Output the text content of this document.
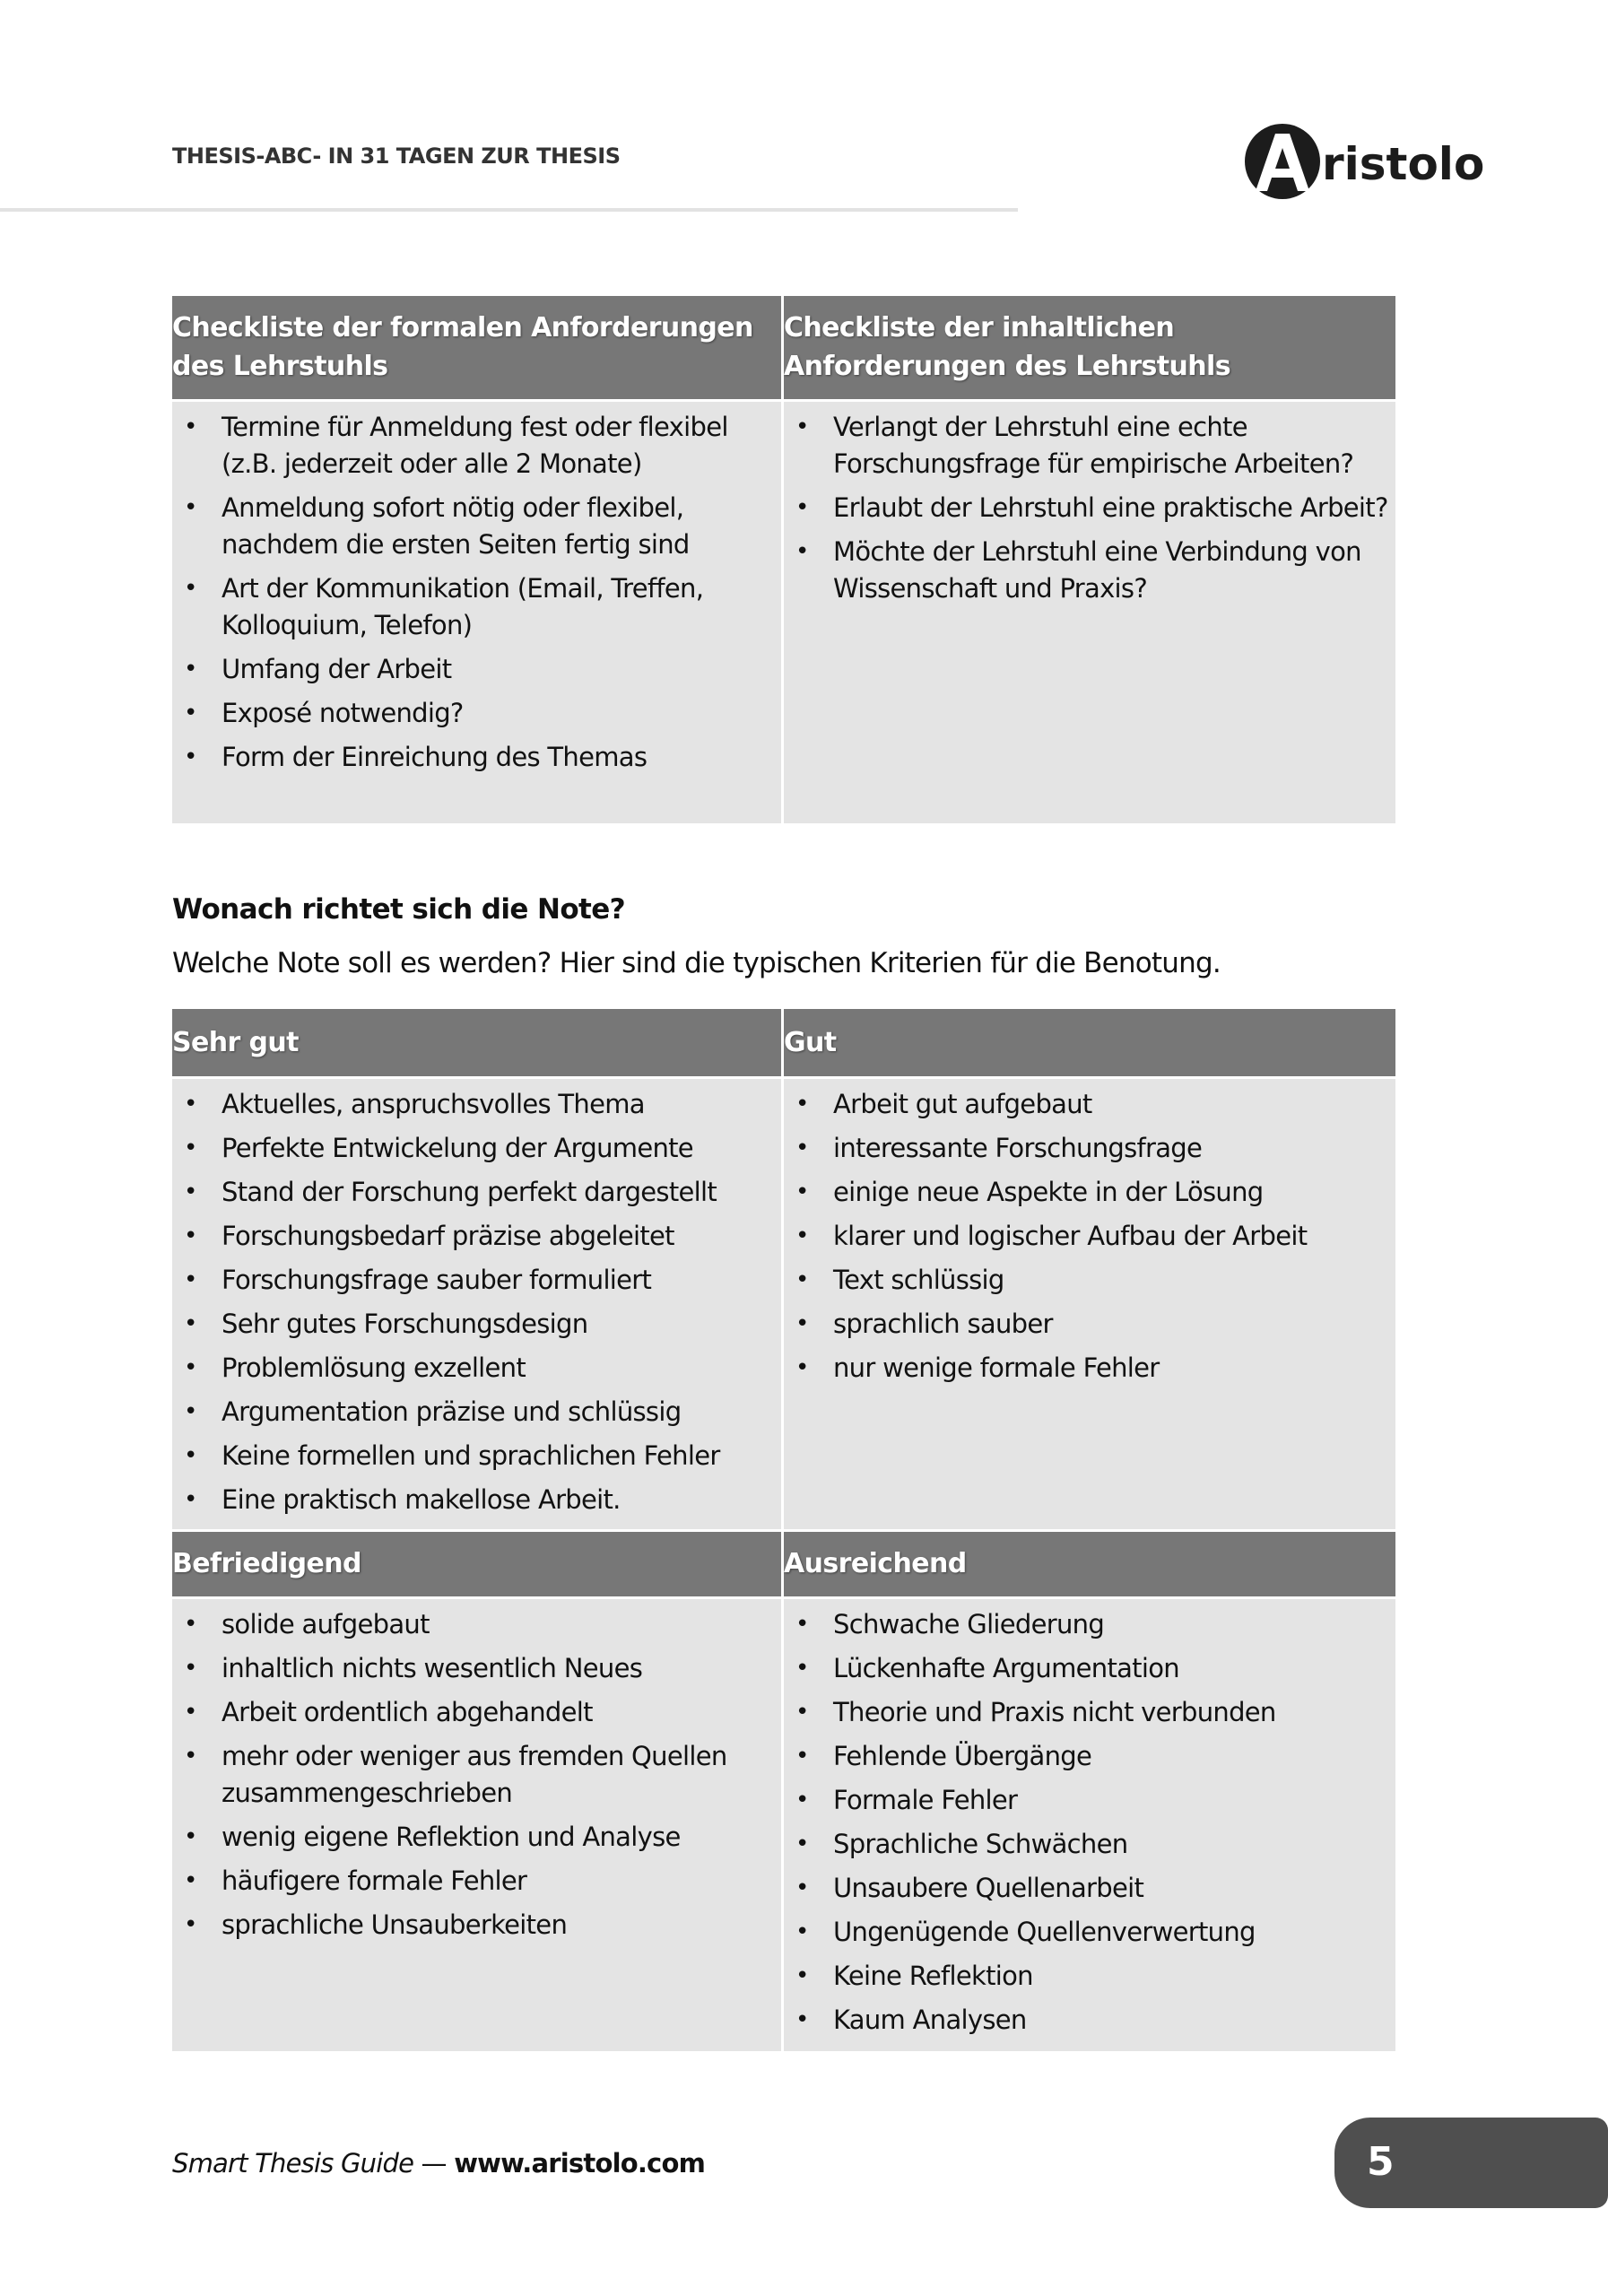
THESIS-ABC- IN 31 TAGEN ZUR THESIS	ristolo
Checkliste der formalen Anforderungen des Lehrstuhls	Checkliste der inhaltlichen Anforderungen des Lehrstuhls

• Termine für Anmeldung fest oder flexibel (z.B. jederzeit oder alle 2 Monate)
• Anmeldung sofort nötig oder flexibel, nachdem die ersten Seiten fertig sind
• Art der Kommunikation (Email, Treffen, Kolloquium, Telefon)
• Umfang der Arbeit
• Exposé notwendig?
• Form der Einreichung des Themas

• Verlangt der Lehrstuhl eine echte Forschungsfrage für empirische Arbeiten?
• Erlaubt der Lehrstuhl eine praktische Arbeit?
• Möchte der Lehrstuhl eine Verbindung von Wissenschaft und Praxis?
Wonach richtet sich die Note?
Welche Note soll es werden? Hier sind die typischen Kriterien für die Benotung.
Sehr gut	Gut

• Aktuelles, anspruchsvolles Thema
• Perfekte Entwickelung der Argumente
• Stand der Forschung perfekt dargestellt
• Forschungsbedarf präzise abgeleitet
• Forschungsfrage sauber formuliert
• Sehr gutes Forschungsdesign
• Problemlösung exzellent
• Argumentation präzise und schlüssig
• Keine formellen und sprachlichen Fehler
• Eine praktisch makellose Arbeit.

• Arbeit gut aufgebaut
• interessante Forschungsfrage
• einige neue Aspekte in der Lösung
• klarer und logischer Aufbau der Arbeit
• Text schlüssig
• sprachlich sauber
• nur wenige formale Fehler

Befriedigend	Ausreichend

• solide aufgebaut
• inhaltlich nichts wesentlich Neues
• Arbeit ordentlich abgehandelt
• mehr oder weniger aus fremden Quellen zusammengeschrieben
• wenig eigene Reflektion und Analyse
• häufigere formale Fehler
• sprachliche Unsauberkeiten

• Schwache Gliederung
• Lückenhafte Argumentation
• Theorie und Praxis nicht verbunden
• Fehlende Übergänge
• Formale Fehler
• Sprachliche Schwächen
• Unsaubere Quellenarbeit
• Ungenügende Quellenverwertung
• Keine Reflektion
• Kaum Analysen
Smart Thesis Guide — www.aristolo.com	5
